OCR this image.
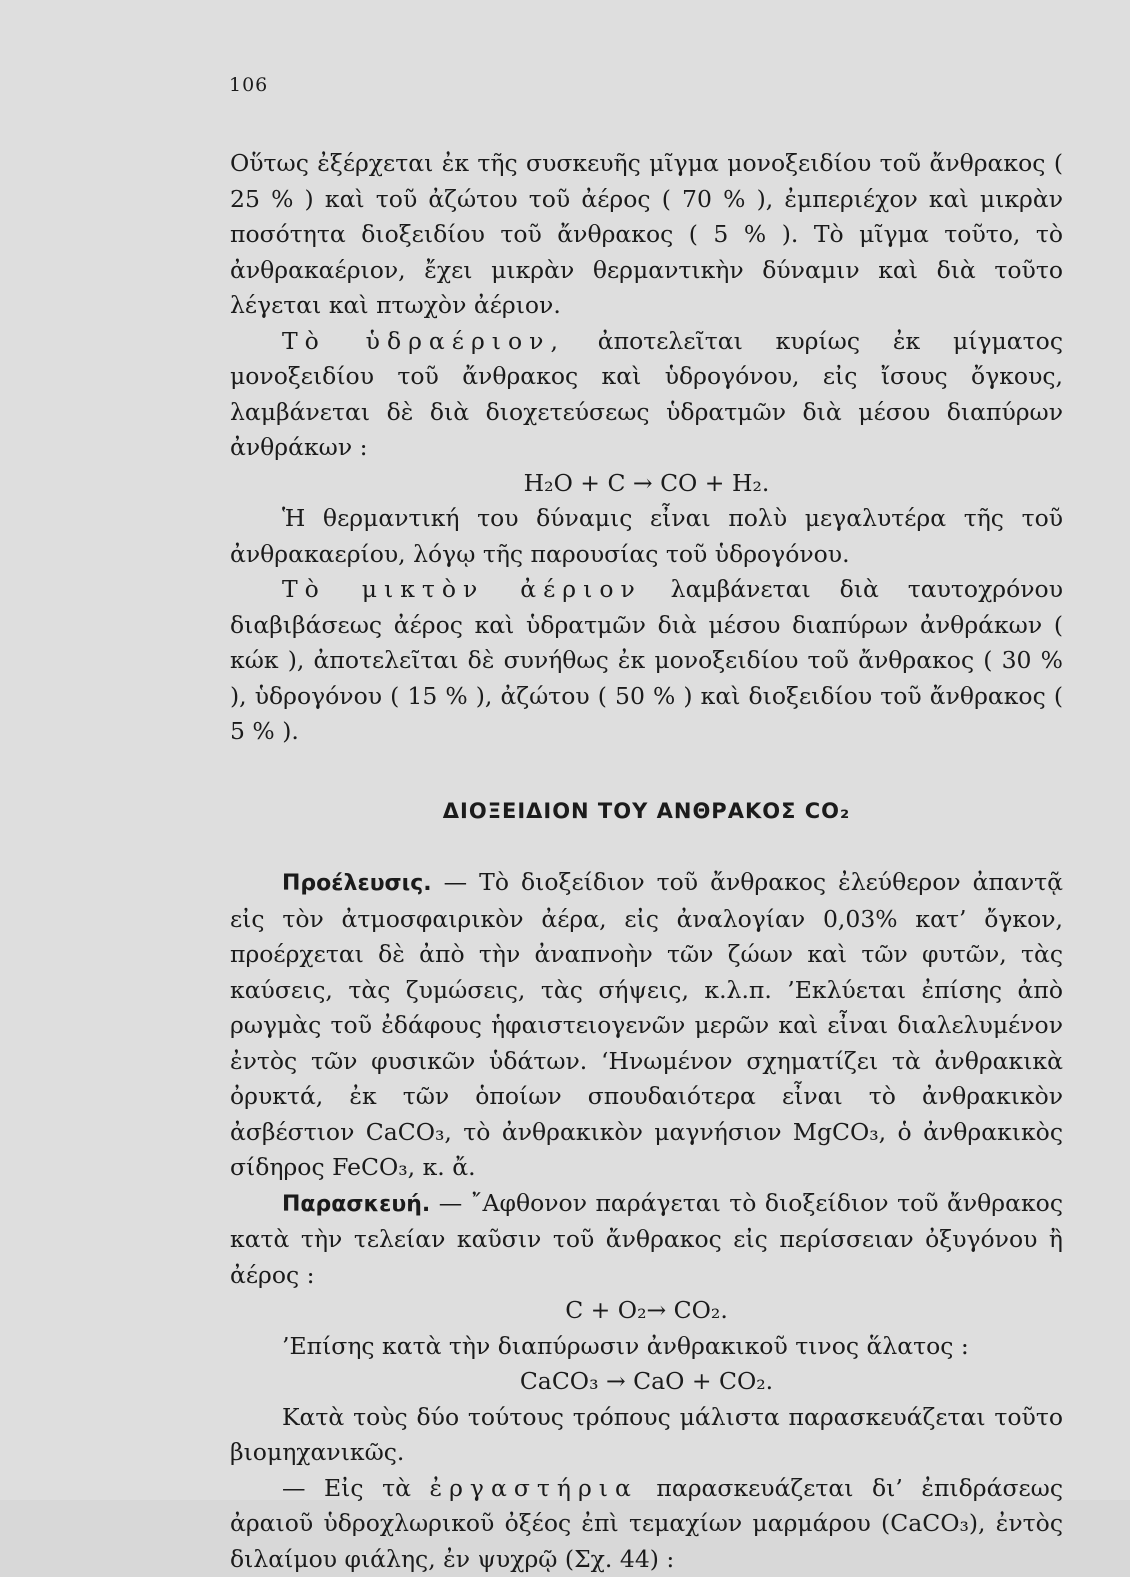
106

Οὕτως ἐξέρχεται ἐκ τῆς συσκευῆς μῖγμα μονοξειδίου τοῦ ἄνθρακος ( 25 % ) καὶ τοῦ ἀζώτου τοῦ ἀέρος ( 70 % ), ἐμπεριέχον καὶ μικρὰν ποσότητα διοξειδίου τοῦ ἄνθρακος ( 5 % ). Τὸ μῖγμα τοῦτο, τὸ ἀνθρακαέριον, ἔχει μικρὰν θερμαντικὴν δύναμιν καὶ διὰ τοῦτο λέγεται καὶ πτωχὸν ἀέριον.

Τὸ ὑδραέριον, ἀποτελεῖται κυρίως ἐκ μίγματος μονοξειδίου τοῦ ἄνθρακος καὶ ὑδρογόνου, εἰς ἴσους ὄγκους, λαμβάνεται δὲ διὰ διοχετεύσεως ὑδρατμῶν διὰ μέσου διαπύρων ἀνθράκων :

H₂O + C → CO + H₂.

Ἡ θερμαντική του δύναμις εἶναι πολὺ μεγαλυτέρα τῆς τοῦ ἀνθρακαερίου, λόγῳ τῆς παρουσίας τοῦ ὑδρογόνου.

Τὸ μικτὸν ἀέριον λαμβάνεται διὰ ταυτοχρόνου διαβιβάσεως ἀέρος καὶ ὑδρατμῶν διὰ μέσου διαπύρων ἀνθράκων ( κώκ ), ἀποτελεῖται δὲ συνήθως ἐκ μονοξειδίου τοῦ ἄνθρακος ( 30 % ), ὑδρογόνου ( 15 % ), ἀζώτου ( 50 % ) καὶ διοξειδίου τοῦ ἄνθρακος ( 5 % ).

ΔΙΟΞΕΙΔΙΟΝ ΤΟΥ ΑΝΘΡΑΚΟΣ CO₂

Προέλευσις. — Τὸ διοξείδιον τοῦ ἄνθρακος ἐλεύθερον ἀπαντᾷ εἰς τὸν ἀτμοσφαιρικὸν ἀέρα, εἰς ἀναλογίαν 0,03% κατ’ ὄγκον, προέρχεται δὲ ἀπὸ τὴν ἀναπνοὴν τῶν ζώων καὶ τῶν φυτῶν, τὰς καύσεις, τὰς ζυμώσεις, τὰς σήψεις, κ.λ.π. ’Εκλύεται ἐπίσης ἀπὸ ρωγμὰς τοῦ ἐδάφους ἡφαιστειογενῶν μερῶν καὶ εἶναι διαλελυμένον ἐντὸς τῶν φυσικῶν ὑδάτων. ‘Ηνωμένον σχηματίζει τὰ ἀνθρακικὰ ὀρυκτά, ἐκ τῶν ὁποίων σπουδαιότερα εἶναι τὸ ἀνθρακικὸν ἀσβέστιον CaCO₃, τὸ ἀνθρακικὸν μαγνήσιον MgCO₃, ὁ ἀνθρακικὸς σίδηρος FeCO₃, κ. ἄ.

Παρασκευή. — ῎Αφθονον παράγεται τὸ διοξείδιον τοῦ ἄνθρακος κατὰ τὴν τελείαν καῦσιν τοῦ ἄνθρακος εἰς περίσσειαν ὀξυγόνου ἢ ἀέρος :

C + O₂→ CO₂.

’Επίσης κατὰ τὴν διαπύρωσιν ἀνθρακικοῦ τινος ἅλατος :

CaCO₃ → CaO + CO₂.

Κατὰ τοὺς δύο τούτους τρόπους μάλιστα παρασκευάζεται τοῦτο βιομηχανικῶς.

— Εἰς τὰ ἐργαστήρια παρασκευάζεται δι’ ἐπιδράσεως ἀραιοῦ ὑδροχλωρικοῦ ὀξέος ἐπὶ τεμαχίων μαρμάρου (CaCO₃), ἐντὸς διλαίμου φιάλης, ἐν ψυχρῷ (Σχ. 44) :
